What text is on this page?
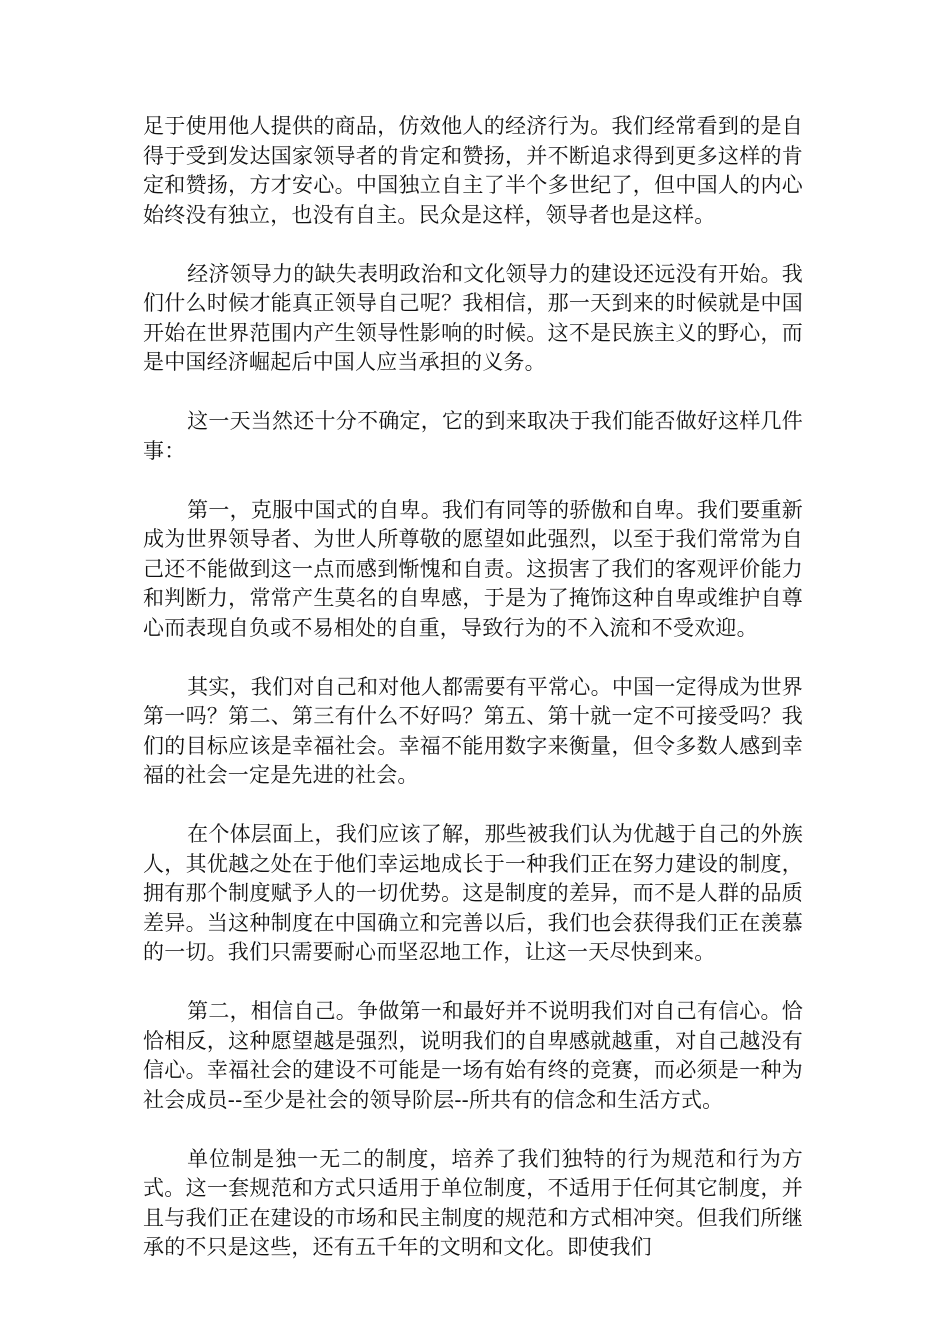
足于使用他人提供的商品，仿效他人的经济行为。我们经常看到的是自得于受到发达国家领导者的肯定和赞扬，并不断追求得到更多这样的肯定和赞扬，方才安心。中国独立自主了半个多世纪了，但中国人的内心始终没有独立，也没有自主。民众是这样，领导者也是这样。

经济领导力的缺失表明政治和文化领导力的建设还远没有开始。我们什么时候才能真正领导自己呢？我相信，那一天到来的时候就是中国开始在世界范围内产生领导性影响的时候。这不是民族主义的野心，而是中国经济崛起后中国人应当承担的义务。

这一天当然还十分不确定，它的到来取决于我们能否做好这样几件事：

第一，克服中国式的自卑。我们有同等的骄傲和自卑。我们要重新成为世界领导者、为世人所尊敬的愿望如此强烈，以至于我们常常为自己还不能做到这一点而感到惭愧和自责。这损害了我们的客观评价能力和判断力，常常产生莫名的自卑感，于是为了掩饰这种自卑或维护自尊心而表现自负或不易相处的自重，导致行为的不入流和不受欢迎。

其实，我们对自己和对他人都需要有平常心。中国一定得成为世界第一吗？第二、第三有什么不好吗？第五、第十就一定不可接受吗？我们的目标应该是幸福社会。幸福不能用数字来衡量，但令多数人感到幸福的社会一定是先进的社会。

在个体层面上，我们应该了解，那些被我们认为优越于自己的外族人，其优越之处在于他们幸运地成长于一种我们正在努力建设的制度，拥有那个制度赋予人的一切优势。这是制度的差异，而不是人群的品质差异。当这种制度在中国确立和完善以后，我们也会获得我们正在羡慕的一切。我们只需要耐心而坚忍地工作，让这一天尽快到来。

第二，相信自己。争做第一和最好并不说明我们对自己有信心。恰恰相反，这种愿望越是强烈，说明我们的自卑感就越重，对自己越没有信心。幸福社会的建设不可能是一场有始有终的竞赛，而必须是一种为社会成员--至少是社会的领导阶层--所共有的信念和生活方式。

单位制是独一无二的制度，培养了我们独特的行为规范和行为方式。这一套规范和方式只适用于单位制度，不适用于任何其它制度，并且与我们正在建设的市场和民主制度的规范和方式相冲突。但我们所继承的不只是这些，还有五千年的文明和文化。即使我们
